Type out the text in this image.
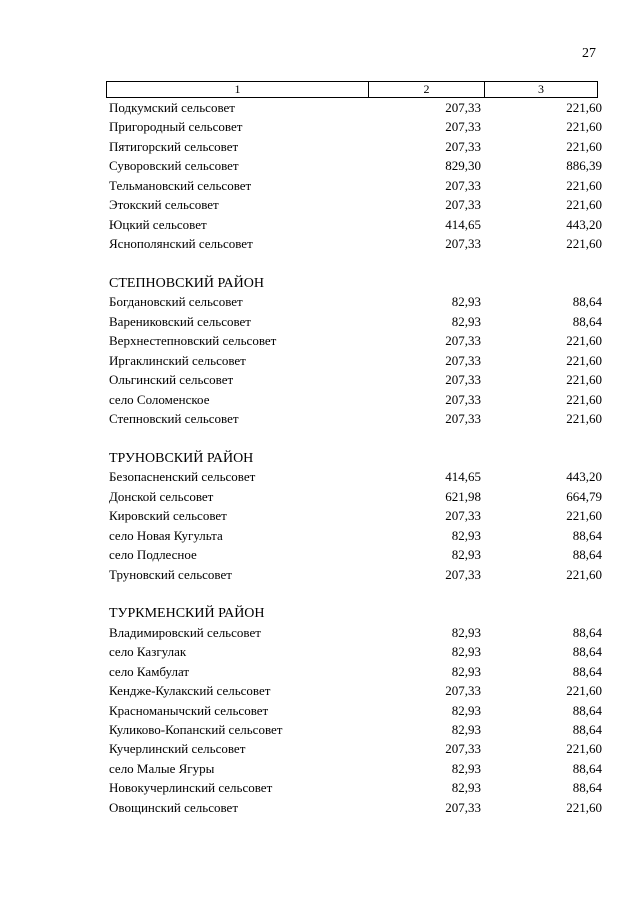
27
1	2	3
Подкумский сельсовет	207,33	221,60
Пригородный сельсовет	207,33	221,60
Пятигорский сельсовет	207,33	221,60
Суворовский сельсовет	829,30	886,39
Тельмановский сельсовет	207,33	221,60
Этокский сельсовет	207,33	221,60
Юцкий сельсовет	414,65	443,20
Яснополянский сельсовет	207,33	221,60
СТЕПНОВСКИЙ РАЙОН
Богдановский сельсовет	82,93	88,64
Варениковский сельсовет	82,93	88,64
Верхнестепновский сельсовет	207,33	221,60
Иргаклинский сельсовет	207,33	221,60
Ольгинский сельсовет	207,33	221,60
село Соломенское	207,33	221,60
Степновский сельсовет	207,33	221,60
ТРУНОВСКИЙ РАЙОН
Безопасненский сельсовет	414,65	443,20
Донской сельсовет	621,98	664,79
Кировский сельсовет	207,33	221,60
село Новая Кугульта	82,93	88,64
село Подлесное	82,93	88,64
Труновский сельсовет	207,33	221,60
ТУРКМЕНСКИЙ РАЙОН
Владимировский сельсовет	82,93	88,64
село Казгулак	82,93	88,64
село Камбулат	82,93	88,64
Кендже-Кулакский сельсовет	207,33	221,60
Красноманычский сельсовет	82,93	88,64
Куликово-Копанский сельсовет	82,93	88,64
Кучерлинский сельсовет	207,33	221,60
село Малые Ягуры	82,93	88,64
Новокучерлинский сельсовет	82,93	88,64
Овощинский сельсовет	207,33	221,60
